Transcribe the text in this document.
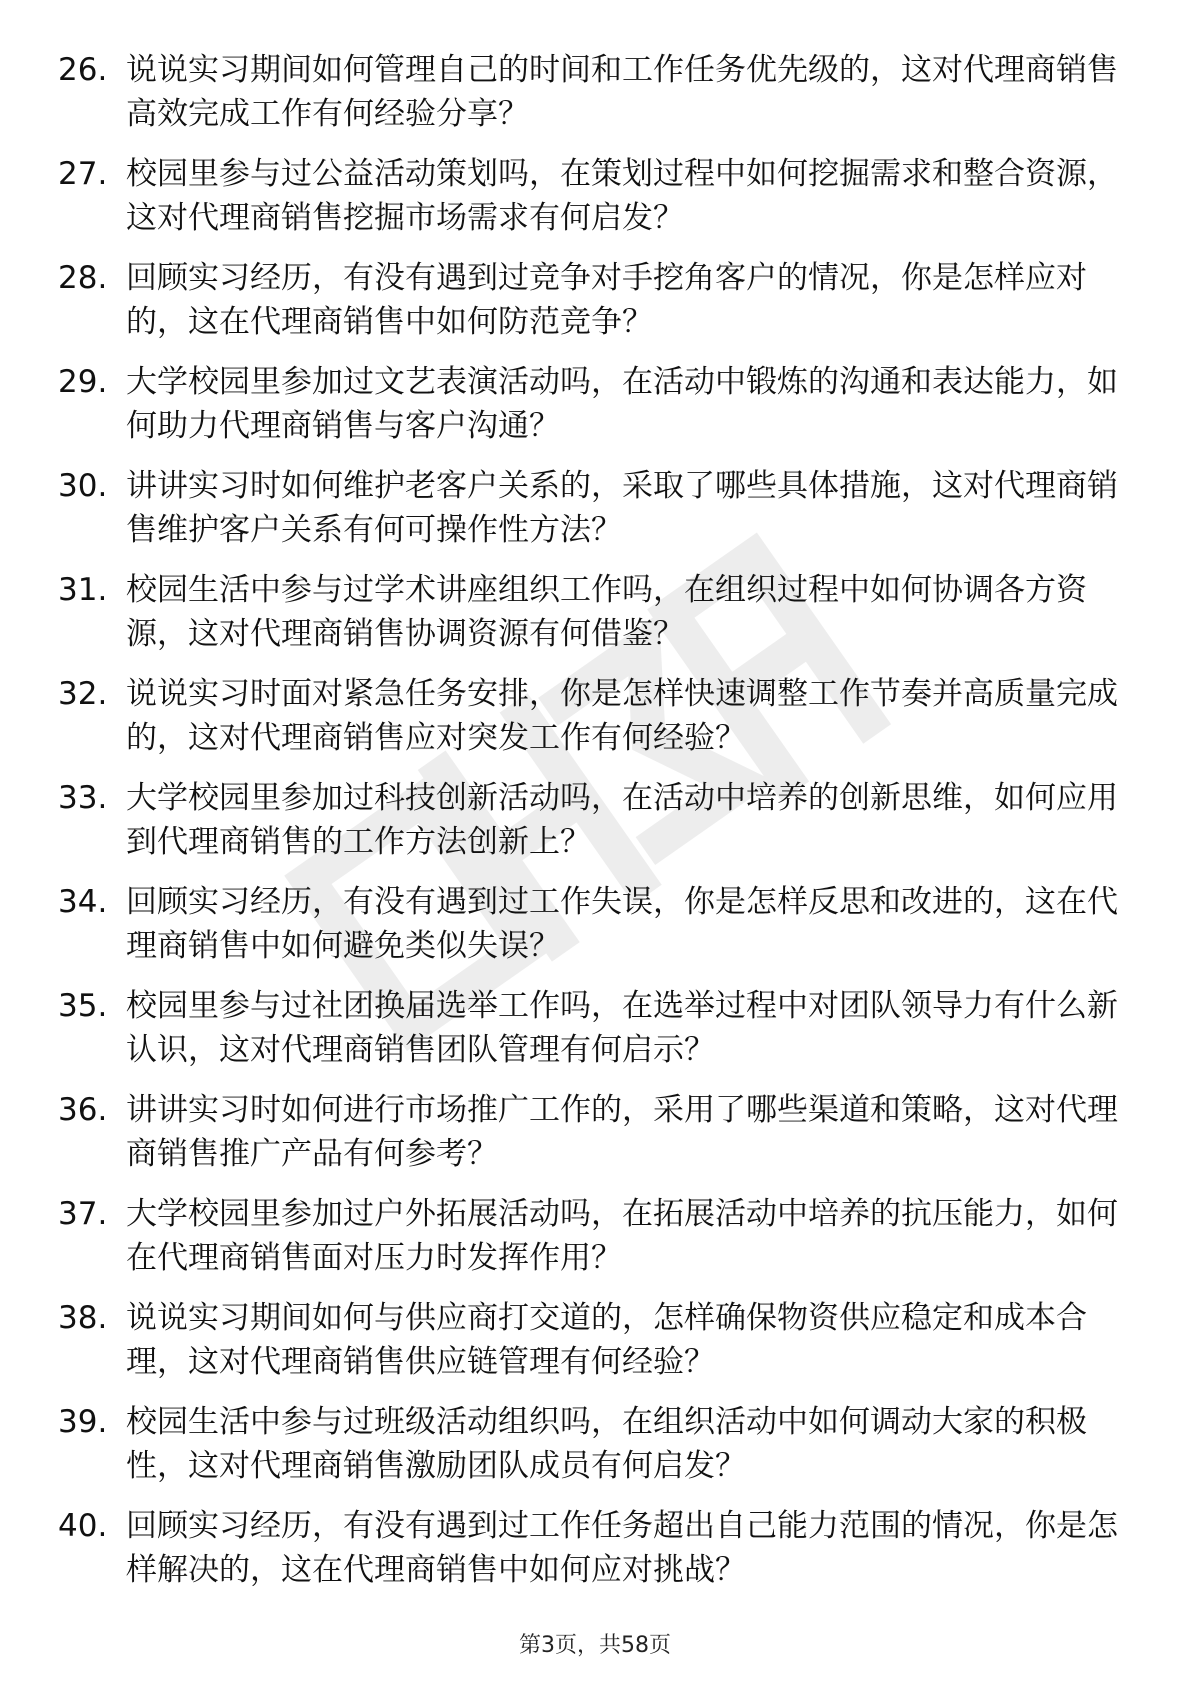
26. 说说实习期间如何管理自己的时间和工作任务优先级的，这对代理商销售高效完成工作有何经验分享？
27. 校园里参与过公益活动策划吗，在策划过程中如何挖掘需求和整合资源，这对代理商销售挖掘市场需求有何启发？
28. 回顾实习经历，有没有遇到过竞争对手挖角客户的情况，你是怎样应对的，这在代理商销售中如何防范竞争？
29. 大学校园里参加过文艺表演活动吗，在活动中锻炼的沟通和表达能力，如何助力代理商销售与客户沟通？
30. 讲讲实习时如何维护老客户关系的，采取了哪些具体措施，这对代理商销售维护客户关系有何可操作性方法？
31. 校园生活中参与过学术讲座组织工作吗，在组织过程中如何协调各方资源，这对代理商销售协调资源有何借鉴？
32. 说说实习时面对紧急任务安排，你是怎样快速调整工作节奏并高质量完成的，这对代理商销售应对突发工作有何经验？
33. 大学校园里参加过科技创新活动吗，在活动中培养的创新思维，如何应用到代理商销售的工作方法创新上？
34. 回顾实习经历，有没有遇到过工作失误，你是怎样反思和改进的，这在代理商销售中如何避免类似失误？
35. 校园里参与过社团换届选举工作吗，在选举过程中对团队领导力有什么新认识，这对代理商销售团队管理有何启示？
36. 讲讲实习时如何进行市场推广工作的，采用了哪些渠道和策略，这对代理商销售推广产品有何参考？
37. 大学校园里参加过户外拓展活动吗，在拓展活动中培养的抗压能力，如何在代理商销售面对压力时发挥作用？
38. 说说实习期间如何与供应商打交道的，怎样确保物资供应稳定和成本合理，这对代理商销售供应链管理有何经验？
39. 校园生活中参与过班级活动组织吗，在组织活动中如何调动大家的积极性，这对代理商销售激励团队成员有何启发？
40. 回顾实习经历，有没有遇到过工作任务超出自己能力范围的情况，你是怎样解决的，这在代理商销售中如何应对挑战？
第3页，共58页
